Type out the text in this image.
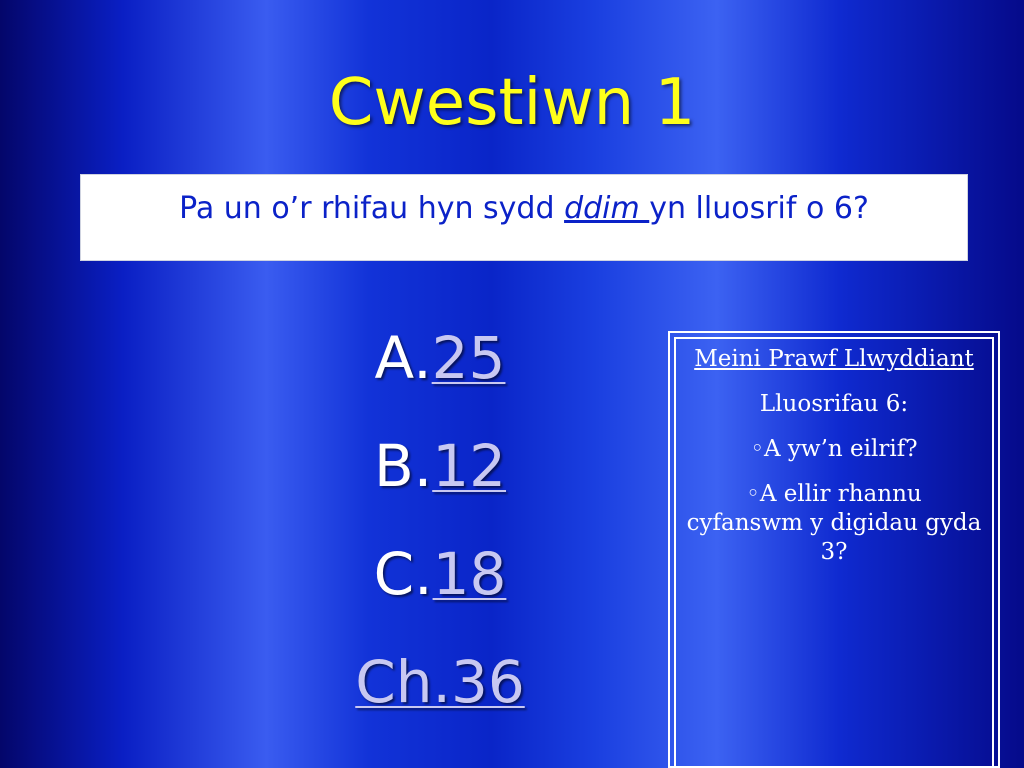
Cwestiwn 1
Pa un o’r rhifau hyn sydd ddim yn lluosrif o 6?
A. 25
B. 12
C. 18
Ch.36

Meini Prawf Llwyddiant

Lluosrifau 6:

◦A yw’n eilrif?

◦A ellir rhannu cyfanswm y digidau gyda 3?
